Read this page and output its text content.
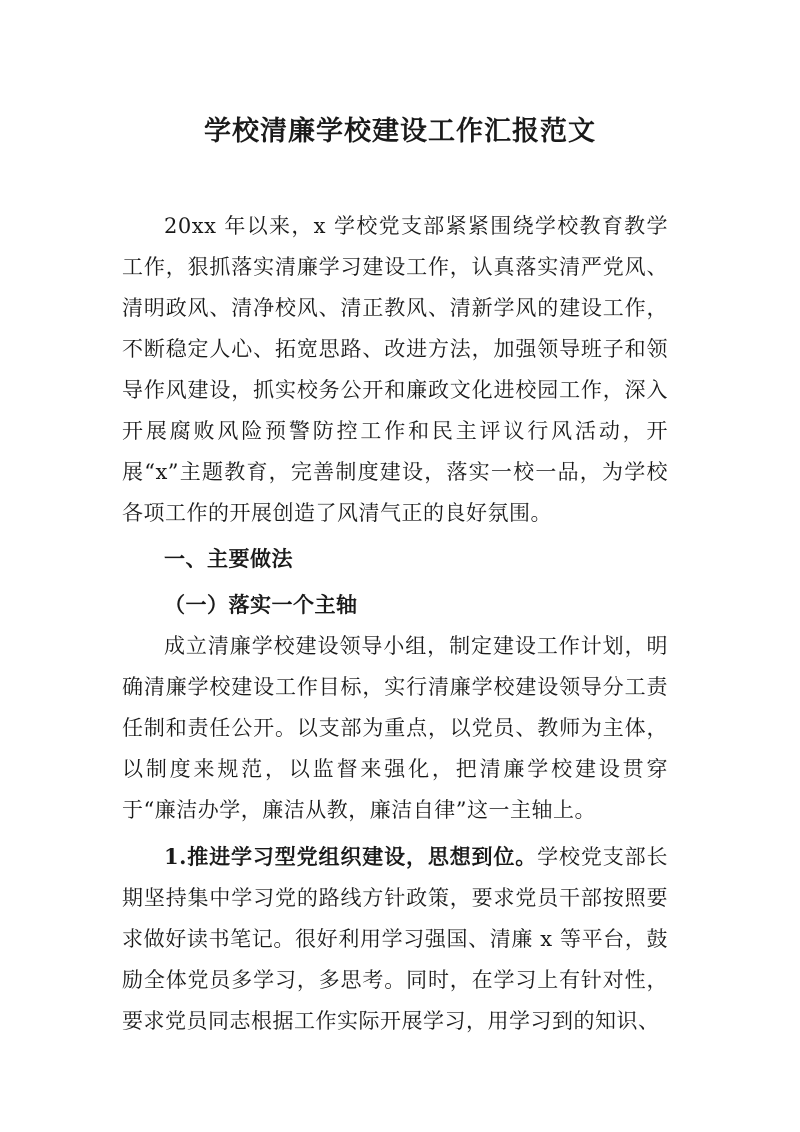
学校清廉学校建设工作汇报范文

20xx 年以来，x 学校党支部紧紧围绕学校教育教学工作，狠抓落实清廉学习建设工作，认真落实清严党风、清明政风、清净校风、清正教风、清新学风的建设工作，不断稳定人心、拓宽思路、改进方法，加强领导班子和领导作风建设，抓实校务公开和廉政文化进校园工作，深入开展腐败风险预警防控工作和民主评议行风活动，开展“x”主题教育，完善制度建设，落实一校一品，为学校各项工作的开展创造了风清气正的良好氛围。

一、主要做法

（一）落实一个主轴

成立清廉学校建设领导小组，制定建设工作计划，明确清廉学校建设工作目标，实行清廉学校建设领导分工责任制和责任公开。以支部为重点，以党员、教师为主体，以制度来规范，以监督来强化，把清廉学校建设贯穿于“廉洁办学，廉洁从教，廉洁自律”这一主轴上。

1.推进学习型党组织建设，思想到位。学校党支部长期坚持集中学习党的路线方针政策，要求党员干部按照要求做好读书笔记。很好利用学习强国、清廉 x 等平台，鼓励全体党员多学习，多思考。同时，在学习上有针对性，要求党员同志根据工作实际开展学习，用学习到的知识、
